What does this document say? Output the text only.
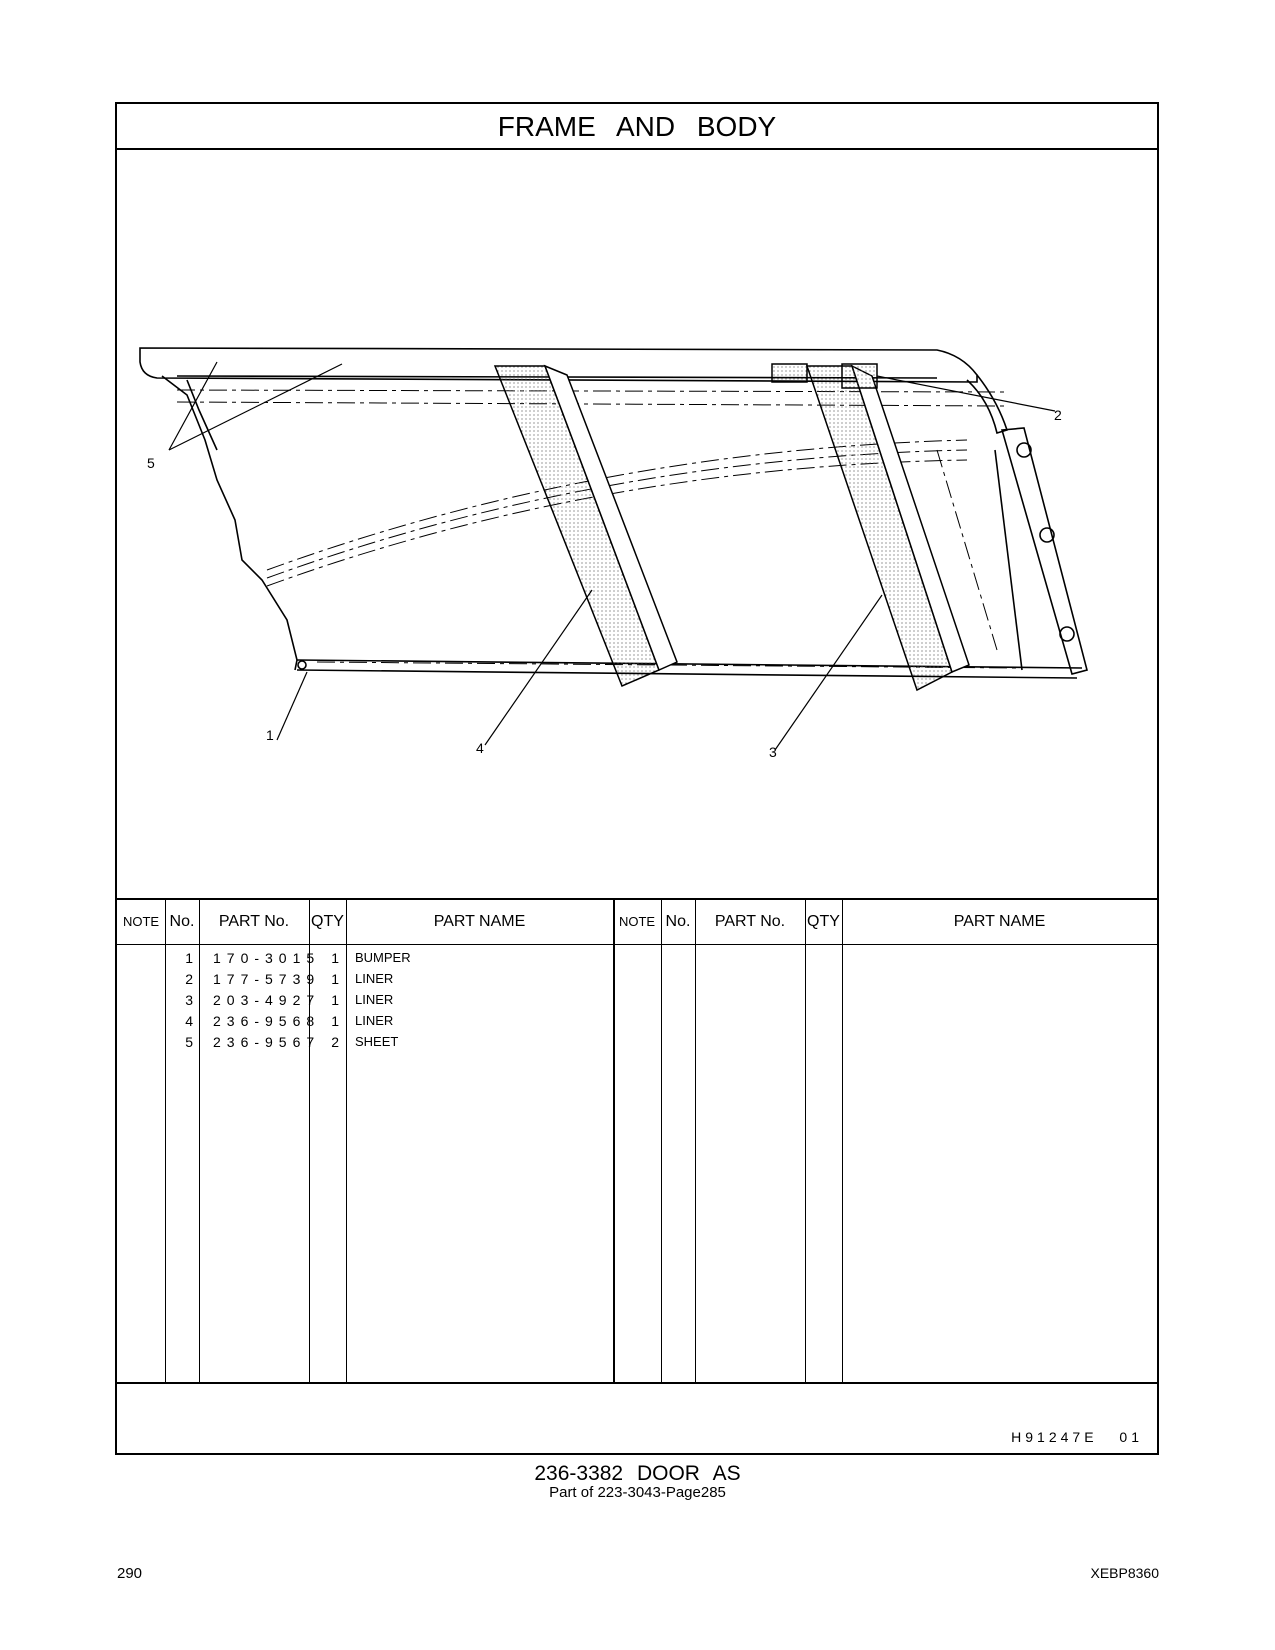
FRAME AND BODY
5
2
1
4	3
NOTE No.	PART No.	QTY	PART NAME	NOTE No.	PART No.	QTY	PART NAME
1 170-3015 1 BUMPER
2 177-5739 1 LINER
3 203-4927 1 LINER
4 236-9568 1 LINER
5 236-9567 2 SHEET
H91247E 01
236-3382 DOOR AS
Part of 223-3043-Page285
290	XEBP8360
